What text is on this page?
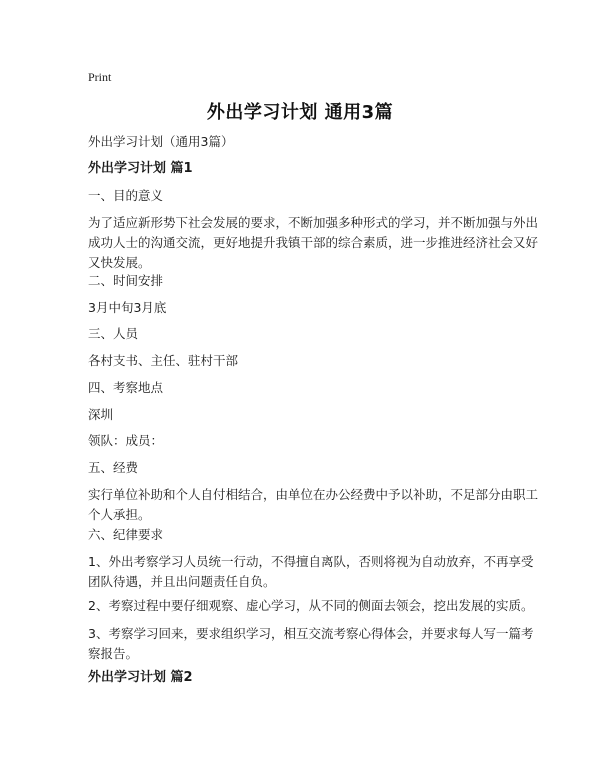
Print
外出学习计划 通用3篇
外出学习计划（通用3篇）
外出学习计划 篇1
一、目的意义
为了适应新形势下社会发展的要求，不断加强多种形式的学习，并不断加强与外出
成功人士的沟通交流，更好地提升我镇干部的综合素质，进一步推进经济社会又好
又快发展。
二、时间安排
3月中旬3月底
三、人员
各村支书、主任、驻村干部
四、考察地点
深圳
领队：成员：
五、经费
实行单位补助和个人自付相结合，由单位在办公经费中予以补助，不足部分由职工
个人承担。
六、纪律要求
1、外出考察学习人员统一行动，不得擅自离队，否则将视为自动放弃，不再享受
团队待遇，并且出问题责任自负。
2、考察过程中要仔细观察、虚心学习，从不同的侧面去领会，挖出发展的实质。
3、考察学习回来，要求组织学习，相互交流考察心得体会，并要求每人写一篇考
察报告。
外出学习计划 篇2
